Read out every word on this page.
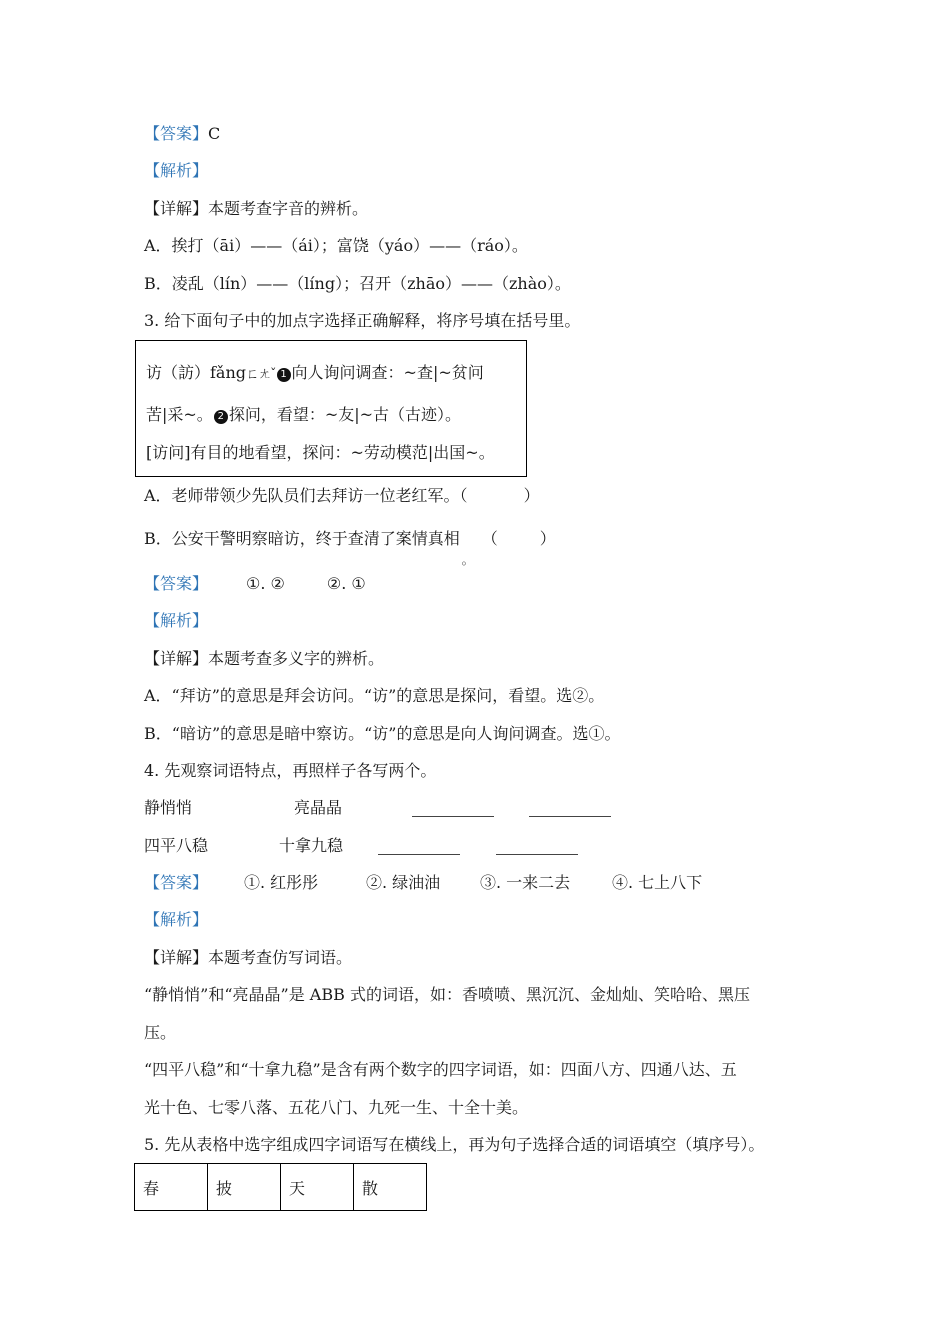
【答案】C
【解析】
【详解】本题考查字音的辨析。
A．挨打（āi）——（ái）；富饶（yáo）——（ráo）。
B．凌乱（lín）——（líng）；召开（zhāo）——（zhào）。
3. 给下面句子中的加点字选择正确解释，将序号填在括号里。
访（訪）fǎngㄈㄤˇ 1 向人询问调查：~查|~贫问
苦|采~。 2 探问，看望：~友|~古（古迹）。
[访问]有目的地看望，探问：~劳动模范|出国~。
A．老师带领少先队员们去拜访一位老红军。（	）
B．公安干警明察暗访，终于查清了案情真相 （	）
【答案】 ①. ②	②. ①
【解析】
【详解】本题考查多义字的辨析。
A．“拜访”的意思是拜会访问。“访”的意思是探问，看望。选②。
B．“暗访”的意思是暗中察访。“访”的意思是向人询问调查。选①。
4. 先观察词语特点，再照样子各写两个。
静悄悄	亮晶晶
四平八稳	十拿九稳
【答案】 ①. 红彤彤	②. 绿油油 ③. 一来二去	④. 七上八下
【解析】
【详解】本题考查仿写词语。
“静悄悄”和“亮晶晶”是 ABB 式的词语，如：香喷喷、黑沉沉、金灿灿、笑哈哈、黑压
压。
“四平八稳”和“十拿九稳”是含有两个数字的四字词语，如：四面八方、四通八达、五
光十色、七零八落、五花八门、九死一生、十全十美。
5. 先从表格中选字组成四字词语写在横线上，再为句子选择合适的词语填空（填序号）。
春	披	天	散
